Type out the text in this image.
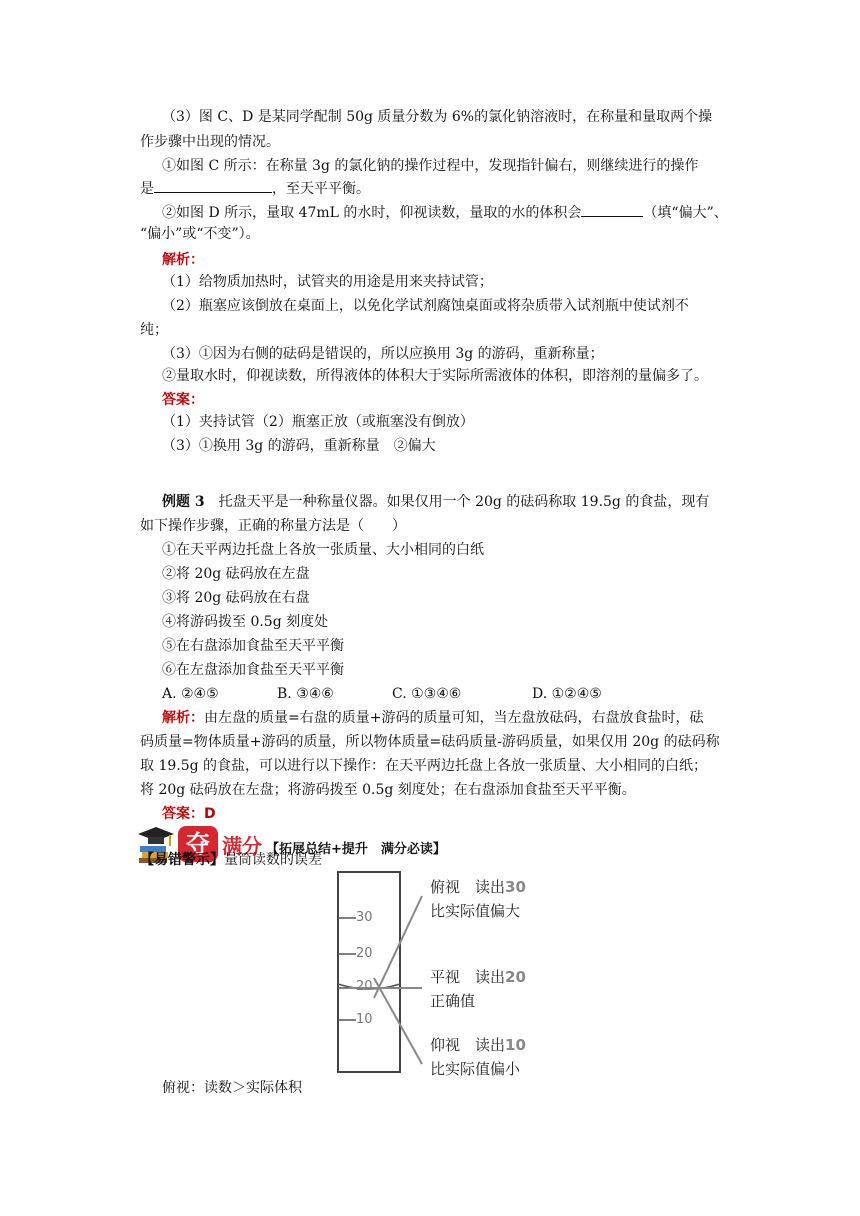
（3）图 C、D 是某同学配制 50g 质量分数为 6%的氯化钠溶液时，在称量和量取两个操
作步骤中出现的情况。
①如图 C 所示：在称量 3g 的氯化钠的操作过程中，发现指针偏右，则继续进行的操作
是	，至天平平衡。
②如图 D 所示，量取 47mL 的水时，仰视读数，量取的水的体积会	（填“偏大”、
“偏小”或“不变”）。
解析：
（1）给物质加热时，试管夹的用途是用来夹持试管；
（2）瓶塞应该倒放在桌面上，以免化学试剂腐蚀桌面或将杂质带入试剂瓶中使试剂不
纯；
（3）①因为右侧的砝码是错误的，所以应换用 3g 的游码，重新称量；
②量取水时，仰视读数，所得液体的体积大于实际所需液体的体积，即溶剂的量偏多了。
答案：
（1）夹持试管（2）瓶塞正放（或瓶塞没有倒放）
（3）①换用 3g 的游码，重新称量　②偏大
例题 3　托盘天平是一种称量仪器。如果仅用一个 20g 的砝码称取 19.5g 的食盐，现有
如下操作步骤，正确的称量方法是（　　）
①在天平两边托盘上各放一张质量、大小相同的白纸
②将 20g 砝码放在左盘
③将 20g 砝码放在右盘
④将游码拨至 0.5g 刻度处
⑤在右盘添加食盐至天平平衡
⑥在左盘添加食盐至天平平衡
A. ②④⑤	B. ③④⑥	C. ①③④⑥	D. ①②④⑤
解析：由左盘的质量=右盘的质量+游码的质量可知，当左盘放砝码，右盘放食盐时，砝
码质量=物体质量+游码的质量，所以物体质量=砝码质量-游码质量，如果仅用 20g 的砝码称
取 19.5g 的食盐，可以进行以下操作：在天平两边托盘上各放一张质量、大小相同的白纸；
将 20g 砝码放在左盘；将游码拨至 0.5g 刻度处；在右盘添加食盐至天平平衡。
答案：D
夺 满分 【拓展总结+提升　满分必读】
【易错警示】量筒读数的误差
30
20
20
10
俯视　 读出30
比实际值偏大
平视　 读出20
正确值
仰视　 读出10
比实际值偏小
俯视：读数＞实际体积
